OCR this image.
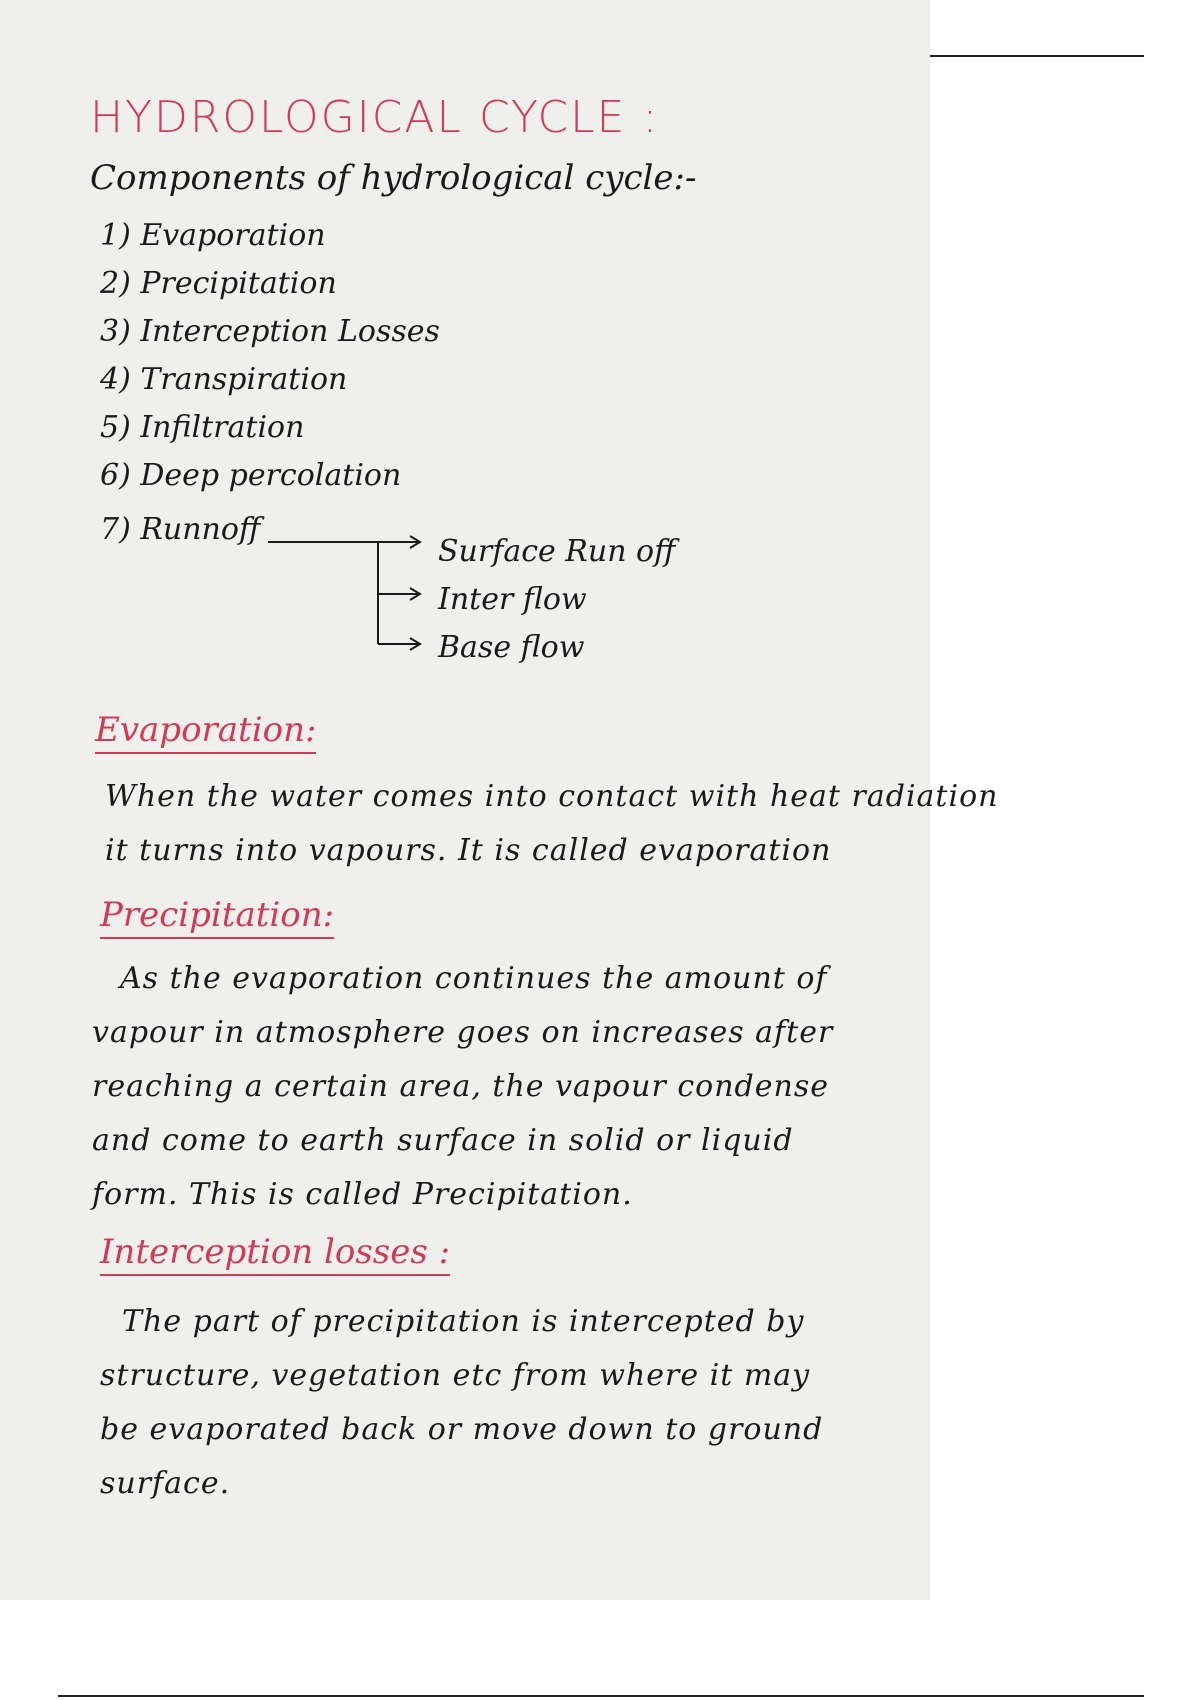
HYDROLOGICAL CYCLE :
Components of hydrological cycle:-
1) Evaporation
2) Precipitation
3) Interception Losses
4) Transpiration
5) Infiltration
6) Deep percolation
7) Runnoff
Surface Run off
Inter flow
Base flow
Evaporation:
When the water comes into contact with heat radiation
it turns into vapours. It is called evaporation
Precipitation:
As the evaporation continues the amount of
vapour in atmosphere goes on increases after
reaching a certain area, the vapour condense
and come to earth surface in solid or liquid
form. This is called Precipitation.
Interception losses :
The part of precipitation is intercepted by
structure, vegetation etc from where it may
be evaporated back or move down to ground
surface.
